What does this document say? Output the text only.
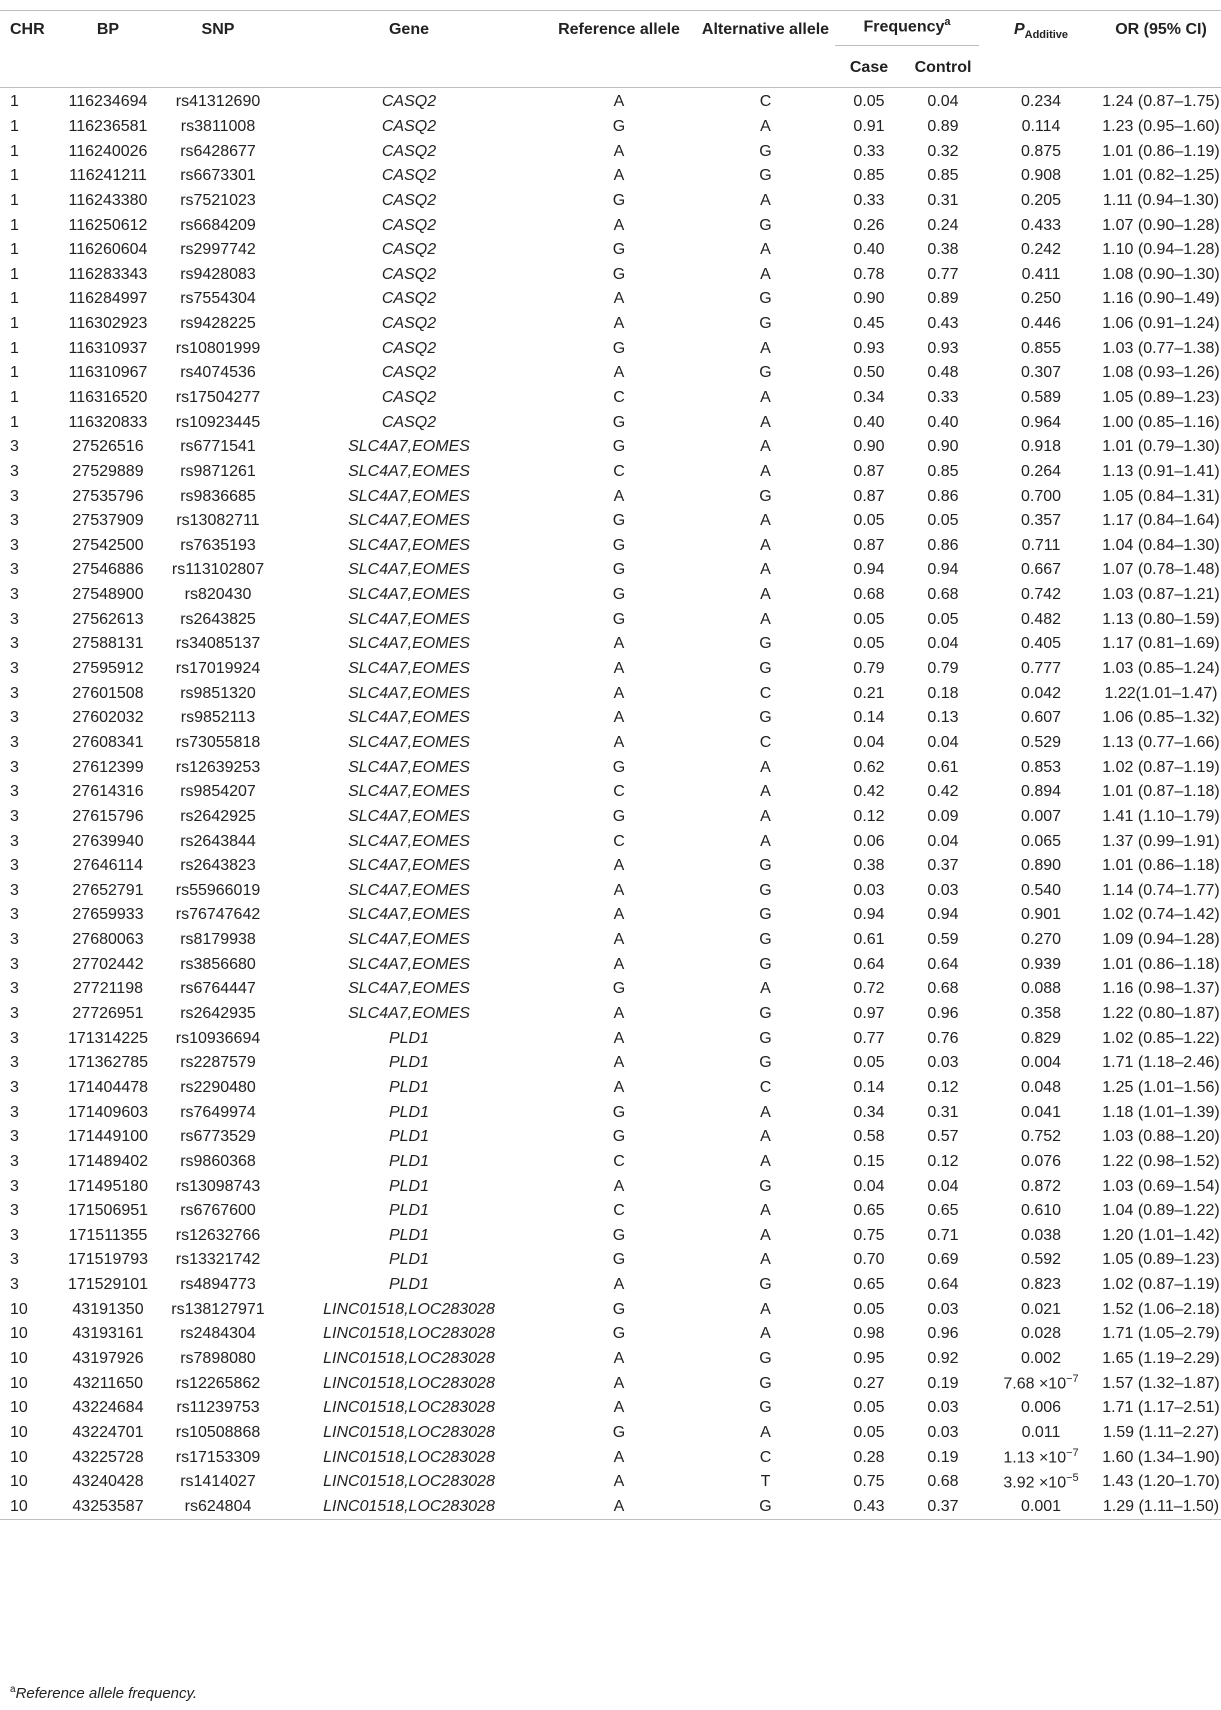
CHR	BP	SNP	Gene	Reference allele	Alternative allele	Frequency$^a$		$P_{Additive}$	OR (95% CI)
						Case	Control		
1	116234694	rs41312690	CASQ2	A	C	0.05	0.04	0.234	1.24 (0.87–1.75)
1	116236581	rs3811008	CASQ2	G	A	0.91	0.89	0.114	1.23 (0.95–1.60)
1	116240026	rs6428677	CASQ2	A	G	0.33	0.32	0.875	1.01 (0.86–1.19)
1	116241211	rs6673301	CASQ2	A	G	0.85	0.85	0.908	1.01 (0.82–1.25)
1	116243380	rs7521023	CASQ2	G	A	0.33	0.31	0.205	1.11 (0.94–1.30)
1	116250612	rs6684209	CASQ2	A	G	0.26	0.24	0.433	1.07 (0.90–1.28)
1	116260604	rs2997742	CASQ2	G	A	0.40	0.38	0.242	1.10 (0.94–1.28)
1	116283343	rs9428083	CASQ2	G	A	0.78	0.77	0.411	1.08 (0.90–1.30)
1	116284997	rs7554304	CASQ2	A	G	0.90	0.89	0.250	1.16 (0.90–1.49)
1	116302923	rs9428225	CASQ2	A	G	0.45	0.43	0.446	1.06 (0.91–1.24)
1	116310937	rs10801999	CASQ2	G	A	0.93	0.93	0.855	1.03 (0.77–1.38)
1	116310967	rs4074536	CASQ2	A	G	0.50	0.48	0.307	1.08 (0.93–1.26)
1	116316520	rs17504277	CASQ2	C	A	0.34	0.33	0.589	1.05 (0.89–1.23)
1	116320833	rs10923445	CASQ2	G	A	0.40	0.40	0.964	1.00 (0.85–1.16)
3	27526516	rs6771541	SLC4A7,EOMES	G	A	0.90	0.90	0.918	1.01 (0.79–1.30)
3	27529889	rs9871261	SLC4A7,EOMES	C	A	0.87	0.85	0.264	1.13 (0.91–1.41)
3	27535796	rs9836685	SLC4A7,EOMES	A	G	0.87	0.86	0.700	1.05 (0.84–1.31)
3	27537909	rs13082711	SLC4A7,EOMES	G	A	0.05	0.05	0.357	1.17 (0.84–1.64)
3	27542500	rs7635193	SLC4A7,EOMES	G	A	0.87	0.86	0.711	1.04 (0.84–1.30)
3	27546886	rs113102807	SLC4A7,EOMES	G	A	0.94	0.94	0.667	1.07 (0.78–1.48)
3	27548900	rs820430	SLC4A7,EOMES	G	A	0.68	0.68	0.742	1.03 (0.87–1.21)
3	27562613	rs2643825	SLC4A7,EOMES	G	A	0.05	0.05	0.482	1.13 (0.80–1.59)
3	27588131	rs34085137	SLC4A7,EOMES	A	G	0.05	0.04	0.405	1.17 (0.81–1.69)
3	27595912	rs17019924	SLC4A7,EOMES	A	G	0.79	0.79	0.777	1.03 (0.85–1.24)
3	27601508	rs9851320	SLC4A7,EOMES	A	C	0.21	0.18	0.042	1.22(1.01–1.47)
3	27602032	rs9852113	SLC4A7,EOMES	A	G	0.14	0.13	0.607	1.06 (0.85–1.32)
3	27608341	rs73055818	SLC4A7,EOMES	A	C	0.04	0.04	0.529	1.13 (0.77–1.66)
3	27612399	rs12639253	SLC4A7,EOMES	G	A	0.62	0.61	0.853	1.02 (0.87–1.19)
3	27614316	rs9854207	SLC4A7,EOMES	C	A	0.42	0.42	0.894	1.01 (0.87–1.18)
3	27615796	rs2642925	SLC4A7,EOMES	G	A	0.12	0.09	0.007	1.41 (1.10–1.79)
3	27639940	rs2643844	SLC4A7,EOMES	C	A	0.06	0.04	0.065	1.37 (0.99–1.91)
3	27646114	rs2643823	SLC4A7,EOMES	A	G	0.38	0.37	0.890	1.01 (0.86–1.18)
3	27652791	rs55966019	SLC4A7,EOMES	A	G	0.03	0.03	0.540	1.14 (0.74–1.77)
3	27659933	rs76747642	SLC4A7,EOMES	A	G	0.94	0.94	0.901	1.02 (0.74–1.42)
3	27680063	rs8179938	SLC4A7,EOMES	A	G	0.61	0.59	0.270	1.09 (0.94–1.28)
3	27702442	rs3856680	SLC4A7,EOMES	A	G	0.64	0.64	0.939	1.01 (0.86–1.18)
3	27721198	rs6764447	SLC4A7,EOMES	G	A	0.72	0.68	0.088	1.16 (0.98–1.37)
3	27726951	rs2642935	SLC4A7,EOMES	A	G	0.97	0.96	0.358	1.22 (0.80–1.87)
3	171314225	rs10936694	PLD1	A	G	0.77	0.76	0.829	1.02 (0.85–1.22)
3	171362785	rs2287579	PLD1	A	G	0.05	0.03	0.004	1.71 (1.18–2.46)
3	171404478	rs2290480	PLD1	A	C	0.14	0.12	0.048	1.25 (1.01–1.56)
3	171409603	rs7649974	PLD1	G	A	0.34	0.31	0.041	1.18 (1.01–1.39)
3	171449100	rs6773529	PLD1	G	A	0.58	0.57	0.752	1.03 (0.88–1.20)
3	171489402	rs9860368	PLD1	C	A	0.15	0.12	0.076	1.22 (0.98–1.52)
3	171495180	rs13098743	PLD1	A	G	0.04	0.04	0.872	1.03 (0.69–1.54)
3	171506951	rs6767600	PLD1	C	A	0.65	0.65	0.610	1.04 (0.89–1.22)
3	171511355	rs12632766	PLD1	G	A	0.75	0.71	0.038	1.20 (1.01–1.42)
3	171519793	rs13321742	PLD1	G	A	0.70	0.69	0.592	1.05 (0.89–1.23)
3	171529101	rs4894773	PLD1	A	G	0.65	0.64	0.823	1.02 (0.87–1.19)
10	43191350	rs138127971	LINC01518,LOC283028	G	A	0.05	0.03	0.021	1.52 (1.06–2.18)
10	43193161	rs2484304	LINC01518,LOC283028	G	A	0.98	0.96	0.028	1.71 (1.05–2.79)
10	43197926	rs7898080	LINC01518,LOC283028	A	G	0.95	0.92	0.002	1.65 (1.19–2.29)
10	43211650	rs12265862	LINC01518,LOC283028	A	G	0.27	0.19	$7.68 \times 10^{-7}$	1.57 (1.32–1.87)
10	43224684	rs11239753	LINC01518,LOC283028	A	G	0.05	0.03	0.006	1.71 (1.17–2.51)
10	43224701	rs10508868	LINC01518,LOC283028	G	A	0.05	0.03	0.011	1.59 (1.11–2.27)
10	43225728	rs17153309	LINC01518,LOC283028	A	C	0.28	0.19	$1.13 \times 10^{-7}$	1.60 (1.34–1.90)
10	43240428	rs1414027	LINC01518,LOC283028	A	T	0.75	0.68	$3.92 \times 10^{-5}$	1.43 (1.20–1.70)
10	43253587	rs624804	LINC01518,LOC283028	A	G	0.43	0.37	0.001	1.29 (1.11–1.50)
$^a$Reference allele frequency.
